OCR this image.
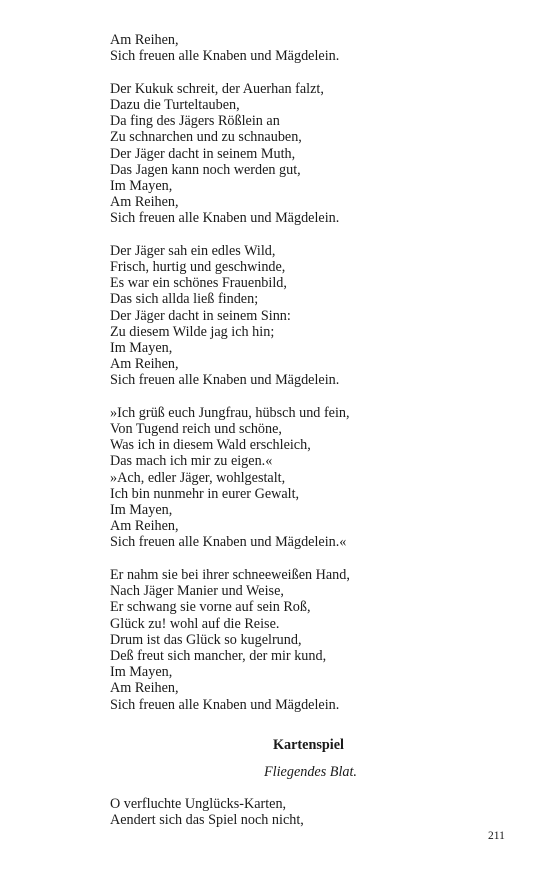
Am Reihen,
Sich freuen alle Knaben und Mägdelein.
Der Kukuk schreit, der Auerhan falzt,
Dazu die Turteltauben,
Da fing des Jägers Rößlein an
Zu schnarchen und zu schnauben,
Der Jäger dacht in seinem Muth,
Das Jagen kann noch werden gut,
Im Mayen,
Am Reihen,
Sich freuen alle Knaben und Mägdelein.
Der Jäger sah ein edles Wild,
Frisch, hurtig und geschwinde,
Es war ein schönes Frauenbild,
Das sich allda ließ finden;
Der Jäger dacht in seinem Sinn:
Zu diesem Wilde jag ich hin;
Im Mayen,
Am Reihen,
Sich freuen alle Knaben und Mägdelein.
»Ich grüß euch Jungfrau, hübsch und fein,
Von Tugend reich und schöne,
Was ich in diesem Wald erschleich,
Das mach ich mir zu eigen.«
»Ach, edler Jäger, wohlgestalt,
Ich bin nunmehr in eurer Gewalt,
Im Mayen,
Am Reihen,
Sich freuen alle Knaben und Mägdelein.«
Er nahm sie bei ihrer schneeweißen Hand,
Nach Jäger Manier und Weise,
Er schwang sie vorne auf sein Roß,
Glück zu! wohl auf die Reise.
Drum ist das Glück so kugelrund,
Deß freut sich mancher, der mir kund,
Im Mayen,
Am Reihen,
Sich freuen alle Knaben und Mägdelein.
Kartenspiel
Fliegendes Blat.
O verfluchte Unglücks-Karten,
Aendert sich das Spiel noch nicht,
211
